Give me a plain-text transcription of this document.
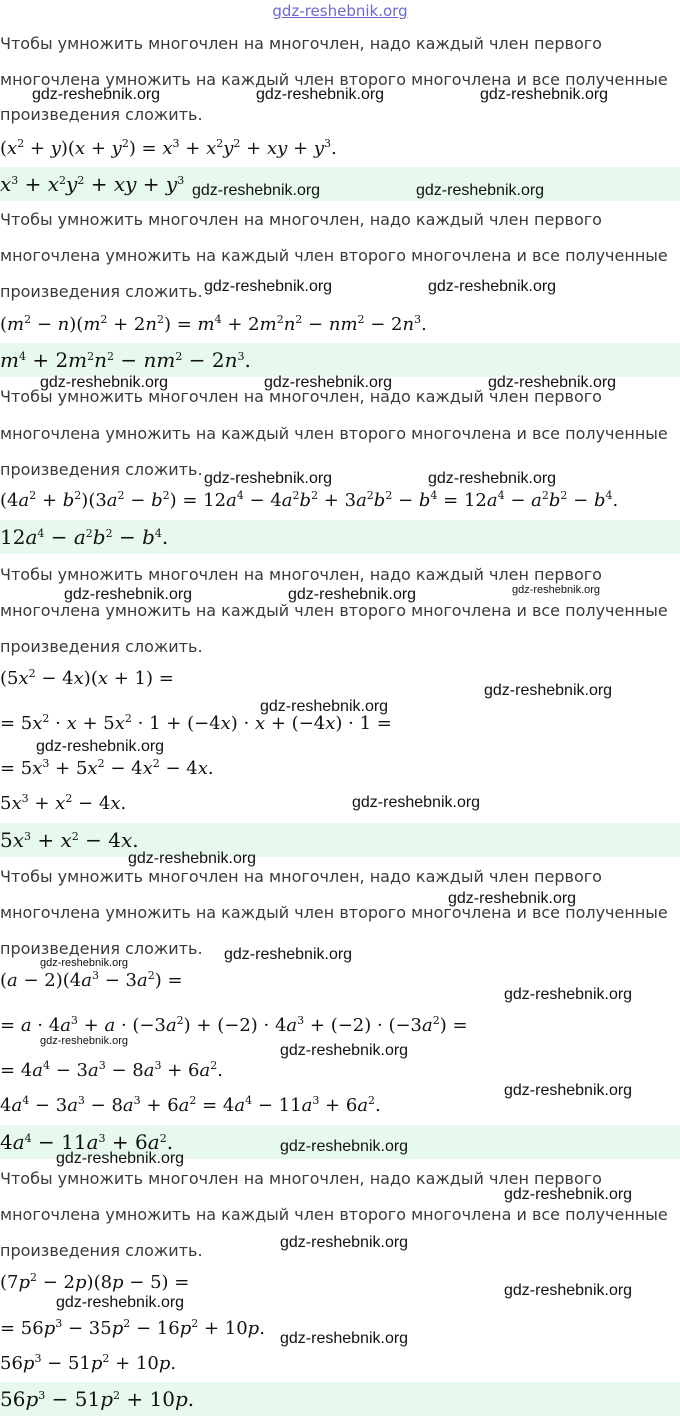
gdz-reshebnik.org
Чтобы умножить многочлен на многочлен, надо каждый член первого
многочлена умножить на каждый член второго многочлена и все полученные
произведения сложить.
$(x^2 + y)(x + y^2) = x^3 + x^2y^2$ + xy + $y^3$.
$x^3 + x^2y^2$ + xy + $y^3$
Чтобы умножить многочлен на многочлен, надо каждый член первого
многочлена умножить на каждый член второго многочлена и все полученные
произведения сложить.
$(m^2 - n)(m^2 + 2n^2) = m^4 + 2m^2n^2 - nm^2 - 2n^3$.
$m^4 + 2m^2n^2 - nm^2 - 2n^3$.
Чтобы умножить многочлен на многочлен, надо каждый член первого
многочлена умножить на каждый член второго многочлена и все полученные
произведения сложить.
$(4a^2 + b^2)(3a^2 - b^2) = 12a^4 - 4a^2b^2 + 3a^2b^2 - b^4 = 12a^4 - a^2b^2 - b^4$.
$12a^4 - a^2b^2 - b^4$.
Чтобы умножить многочлен на многочлен, надо каждый член первого
многочлена умножить на каждый член второго многочлена и все полученные
произведения сложить.
$(5x^2 - 4x)(x + 1)$ =
= $5x^2 \cdot x + 5x^2 \cdot 1 + (-4x) \cdot x + (-4x) \cdot 1$ =
= $5x^3 + 5x^2 - 4x^2 - 4x$.
$5x^3 + x^2 - 4x$.
$5x^3 + x^2 - 4x$.
Чтобы умножить многочлен на многочлен, надо каждый член первого
многочлена умножить на каждый член второго многочлена и все полученные
произведения сложить.
$(a - 2)(4a^3 - 3a^2)$ =
= $a \cdot 4a^3 + a \cdot (-3a^2) + (-2) \cdot 4a^3 + (-2) \cdot (-3a^2)$ =
= $4a^4 - 3a^3 - 8a^3 + 6a^2$.
$4a^4 - 3a^3 - 8a^3 + 6a^2 = 4a^4 - 11a^3 + 6a^2$.
$4a^4 - 11a^3 + 6a^2$.
Чтобы умножить многочлен на многочлен, надо каждый член первого
многочлена умножить на каждый член второго многочлена и все полученные
произведения сложить.
$(7p^2 - 2p)(8p - 5)$ =
= $56p^3 - 35p^2 - 16p^2 + 10p$.
$56p^3 - 51p^2 + 10p$.
$56p^3 - 51p^2 + 10p$.
gdz-reshebnik.org	gdz-reshebnik.org	gdz-reshebnik.org
gdz-reshebnik.org	gdz-reshebnik.org
gdz-reshebnik.org	gdz-reshebnik.org
gdz-reshebnik.org	gdz-reshebnik.org	gdz-reshebnik.org
gdz-reshebnik.org	gdz-reshebnik.org
gdz-reshebnik.org	gdz-reshebnik.org	gdz-reshebnik.org
gdz-reshebnik.org
gdz-reshebnik.org
gdz-reshebnik.org
gdz-reshebnik.org
gdz-reshebnik.org
gdz-reshebnik.org
gdz-reshebnik.org
gdz-reshebnik.org
gdz-reshebnik.org
gdz-reshebnik.org
gdz-reshebnik.org
gdz-reshebnik.org
gdz-reshebnik.org
gdz-reshebnik.org
gdz-reshebnik.org
gdz-reshebnik.org
gdz-reshebnik.org
gdz-reshebnik.org
gdz-reshebnik.org
